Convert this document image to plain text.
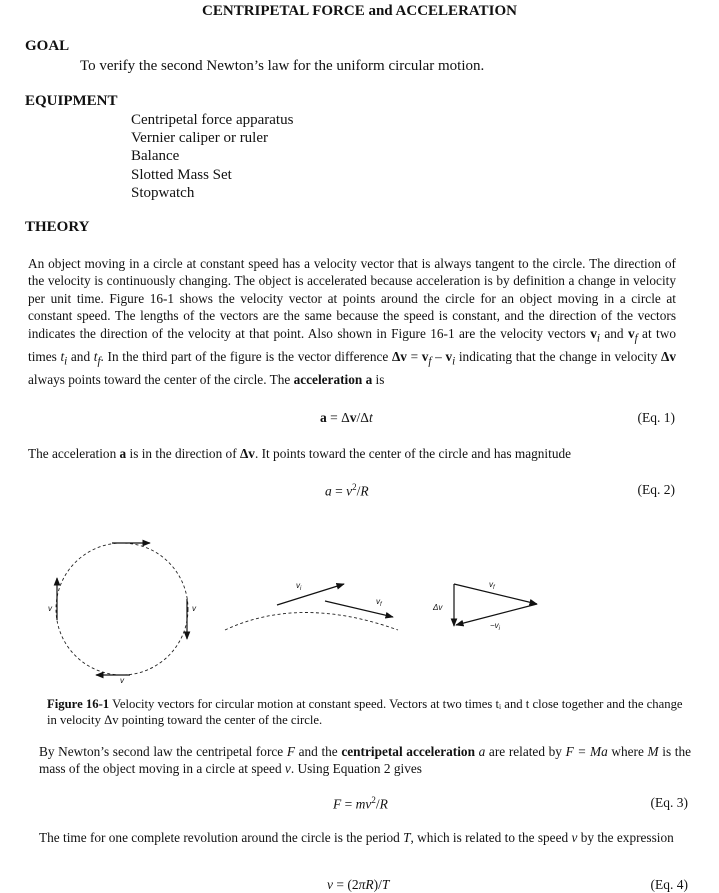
CENTRIPETAL FORCE and ACCELERATION
GOAL
To verify the second Newton’s law for the uniform circular motion.
EQUIPMENT
Centripetal force apparatus
Vernier caliper or ruler
Balance
Slotted Mass Set
Stopwatch
THEORY
An object moving in a circle at constant speed has a velocity vector that is always tangent to the circle. The direction of the velocity is continuously changing. The object is accelerated because acceleration is by definition a change in velocity per unit time. Figure 16-1 shows the velocity vector at points around the circle for an object moving in a circle at constant speed. The lengths of the vectors are the same because the speed is constant, and the direction of the vectors indicates the direction of the velocity at that point. Also shown in Figure 16-1 are the velocity vectors $v_i$ and $v_f$ at two times $t_i$ and $t_f$. In the third part of the figure is the vector difference $\Delta v = v_f - v_i$ indicating that the change in velocity Δv always points toward the center of the circle. The acceleration a is
a = Δv/Δt	(Eq. 1)
The acceleration a is in the direction of Δv. It points toward the center of the circle and has magnitude
$a = v^2/R$	(Eq. 2)
v	v
v
$v_i$
$v_f$
$v_f$
Δv
$-v_i$
Figure 16-1 Velocity vectors for circular motion at constant speed. Vectors at two times tᵢ and t close together and the change in velocity Δv pointing toward the center of the circle.
By Newton’s second law the centripetal force F and the centripetal acceleration a are related by F = Ma where M is the mass of the object moving in a circle at speed v. Using Equation 2 gives
$F = mv^2/R$	(Eq. 3)
The time for one complete revolution around the circle is the period T, which is related to the speed v by the expression
v = (2πR)/T	(Eq. 4)
